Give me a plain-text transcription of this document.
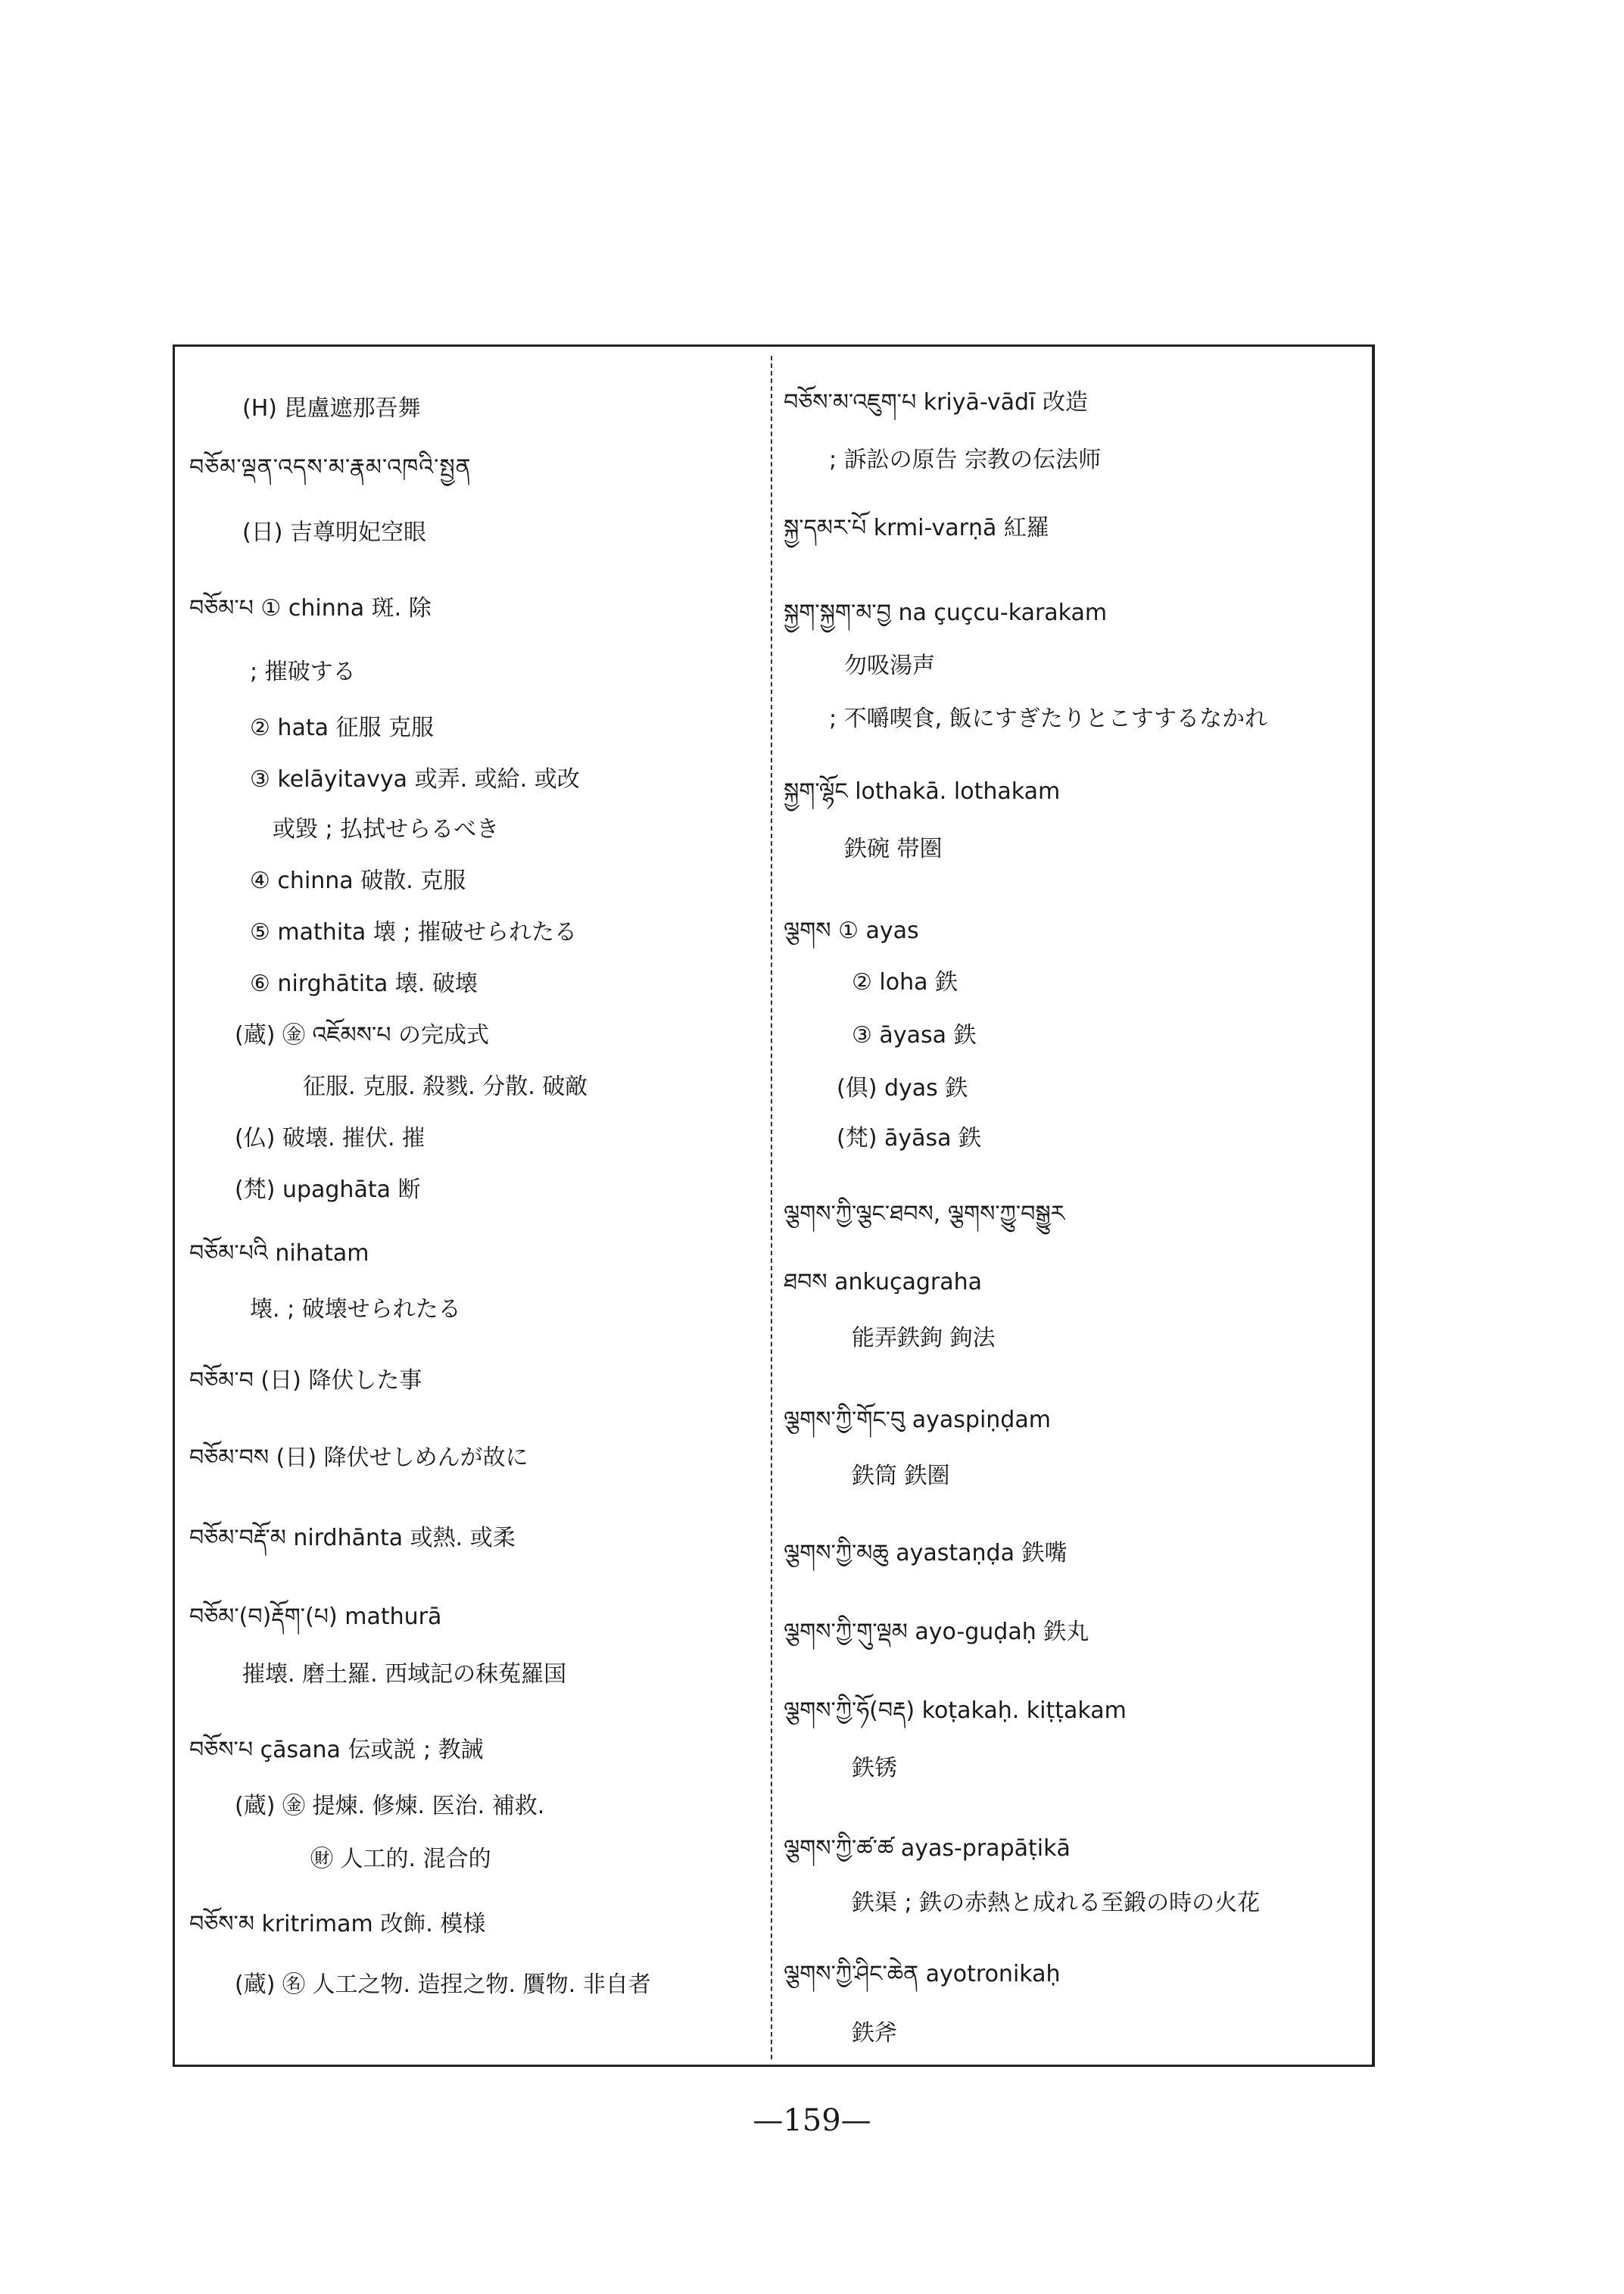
(H) 毘盧遮那吾舞
བཅོམ་ལྡན་འདས་མ་རྣམ་འཁའི་སྤྱན
(日) 吉尊明妃空眼
བཅོམ་པ ① chinna 斑. 除
; 摧破する
② hata 征服 克服
③ kelāyitavya 或弄. 或給. 或改
或毀 ; 払拭せらるべき
④ chinna 破散. 克服
⑤ mathita 壊 ; 摧破せられたる
⑥ nirghātita 壊. 破壊
(蔵) ㊎ འཇོམས་པ の完成式
征服. 克服. 殺戮. 分散. 破敵
(仏) 破壊. 摧伏. 摧
(梵) upaghāta 断
བཅོམ་པའི nihatam
壊. ; 破壊せられたる
བཅོམ་བ (日) 降伏した事
བཅོམ་བས (日) 降伏せしめんが故に
བཅོམ་བརྡོ་མ nirdhānta 或熱. 或柔
བཅོམ་(བ)རྡོག་(པ) mathurā
摧壊. 磨土羅. 西域記の秣菟羅国
བཅོས་པ çāsana 伝或説 ; 教誡
(蔵) ㊎ 提煉. 修煉. 医治. 補救.
㊖ 人工的. 混合的
བཅོས་མ kritrimam 改飾. 模様
(蔵) ㊔ 人工之物. 造捏之物. 贋物. 非自者
བཅོས་མ་འཇུག་པ kriyā-vādī 改造
; 訴訟の原告 宗教の伝法师
སྐྱ་དམར་པོ krmi-varṇā 紅羅
སྐྱག་སྐྱག་མ་བྱ na çuçcu-karakam
勿吸湯声
; 不嚼喫食, 飯にすぎたりとこすするなかれ
སྐྱག་ལྷོང lothakā. lothakam
鉄碗 帯圏
ལྕགས ① ayas
② loha 鉄
③ āyasa 鉄
(俱) dyas 鉄
(梵) āyāsa 鉄
ལྕགས་ཀྱི་ལྕང་ཐབས, ལྕགས་ཀྱུ་བསྒྱུར
ཐབས ankuçagraha
能弄鉄鉤 鉤法
ལྕགས་ཀྱི་གོང་བུ ayaspiṇḍam
鉄筒 鉄圏
ལྕགས་ཀྱི་མཆུ ayastaṇḍa 鉄嘴
ལྕགས་ཀྱི་གུ་ལྡམ ayo-guḍaḥ 鉄丸
ལྕགས་ཀྱི་ཧོ(བརྡ) koṭakaḥ. kiṭṭakam
鉄锈
ལྕགས་ཀྱི་ཚ་ཚ ayas-prapāṭikā
鉄渠 ; 鉄の赤熱と成れる至鍛の時の火花
ལྕགས་ཀྱི་ཤིང་ཆེན ayotronikaḥ
鉄斧
—159—
